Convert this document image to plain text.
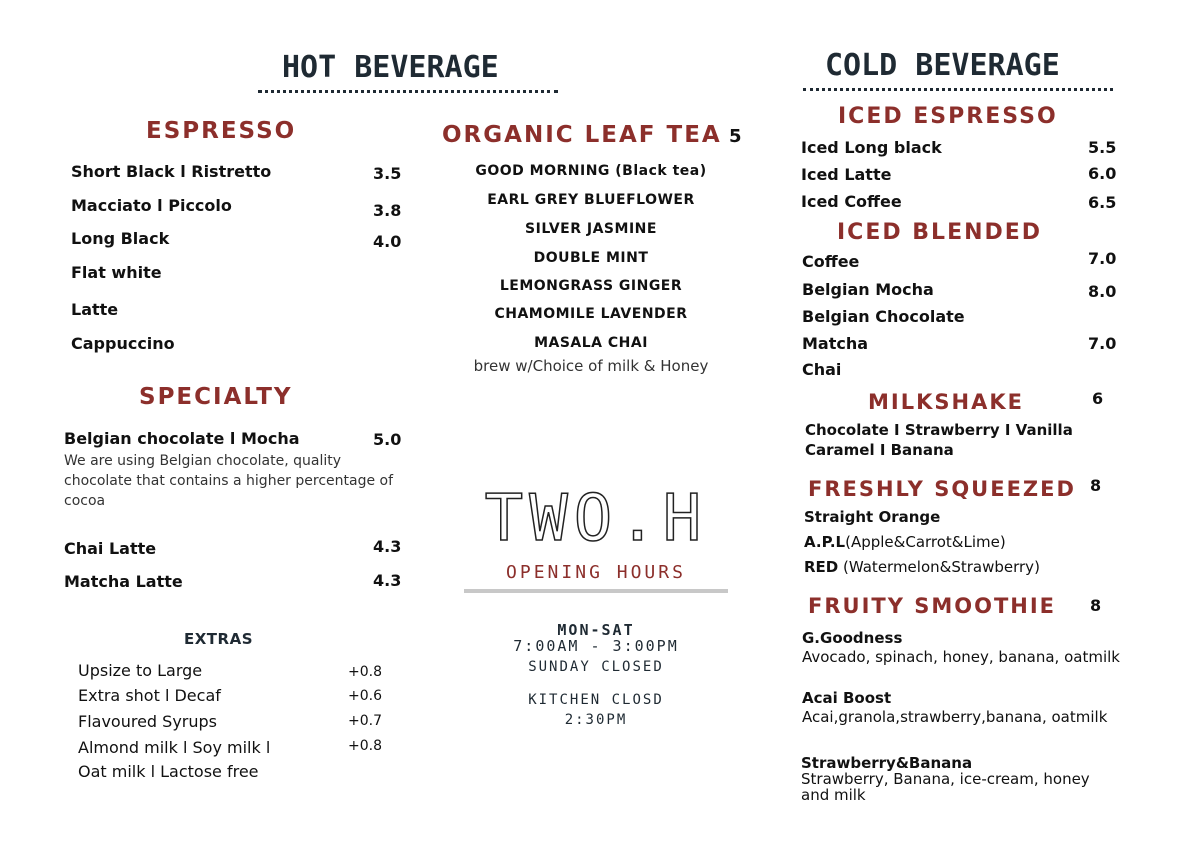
HOT BEVERAGE
ESPRESSO
Short Black l Ristretto	3.5
Macciato l Piccolo	3.8
Long Black	4.0
Flat white
Latte
Cappuccino
SPECIALTY
Belgian chocolate l Mocha	5.0
We are using Belgian chocolate, quality chocolate that contains a higher percentage of cocoa
Chai Latte	4.3
Matcha Latte	4.3
EXTRAS
Upsize to Large	+0.8
Extra shot l Decaf	+0.6
Flavoured Syrups	+0.7
Almond milk l Soy milk l	+0.8
Oat milk l Lactose free
ORGANIC LEAF TEA 5
GOOD MORNING (Black tea)
EARL GREY BLUEFLOWER
SILVER JASMINE
DOUBLE MINT
LEMONGRASS GINGER
CHAMOMILE LAVENDER
MASALA CHAI
brew w/Choice of milk & Honey
TWO.H
OPENING HOURS
MON-SAT
7:00AM - 3:00PM
SUNDAY CLOSED
KITCHEN CLOSD
2:30PM
COLD BEVERAGE
ICED ESPRESSO
Iced Long black	5.5
Iced Latte	6.0
Iced Coffee	6.5
ICED BLENDED
Coffee	7.0
Belgian Mocha	8.0
Belgian Chocolate
Matcha	7.0
Chai
MILKSHAKE	6
Chocolate I Strawberry I Vanilla
Caramel I Banana
FRESHLY SQUEEZED 8
Straight Orange
A.P.L(Apple&Carrot&Lime)
RED (Watermelon&Strawberry)
FRUITY SMOOTHIE 8
G.Goodness
Avocado, spinach, honey, banana, oatmilk
Acai Boost
Acai,granola,strawberry,banana, oatmilk
Strawberry&Banana
Strawberry, Banana, ice-cream, honey and milk
